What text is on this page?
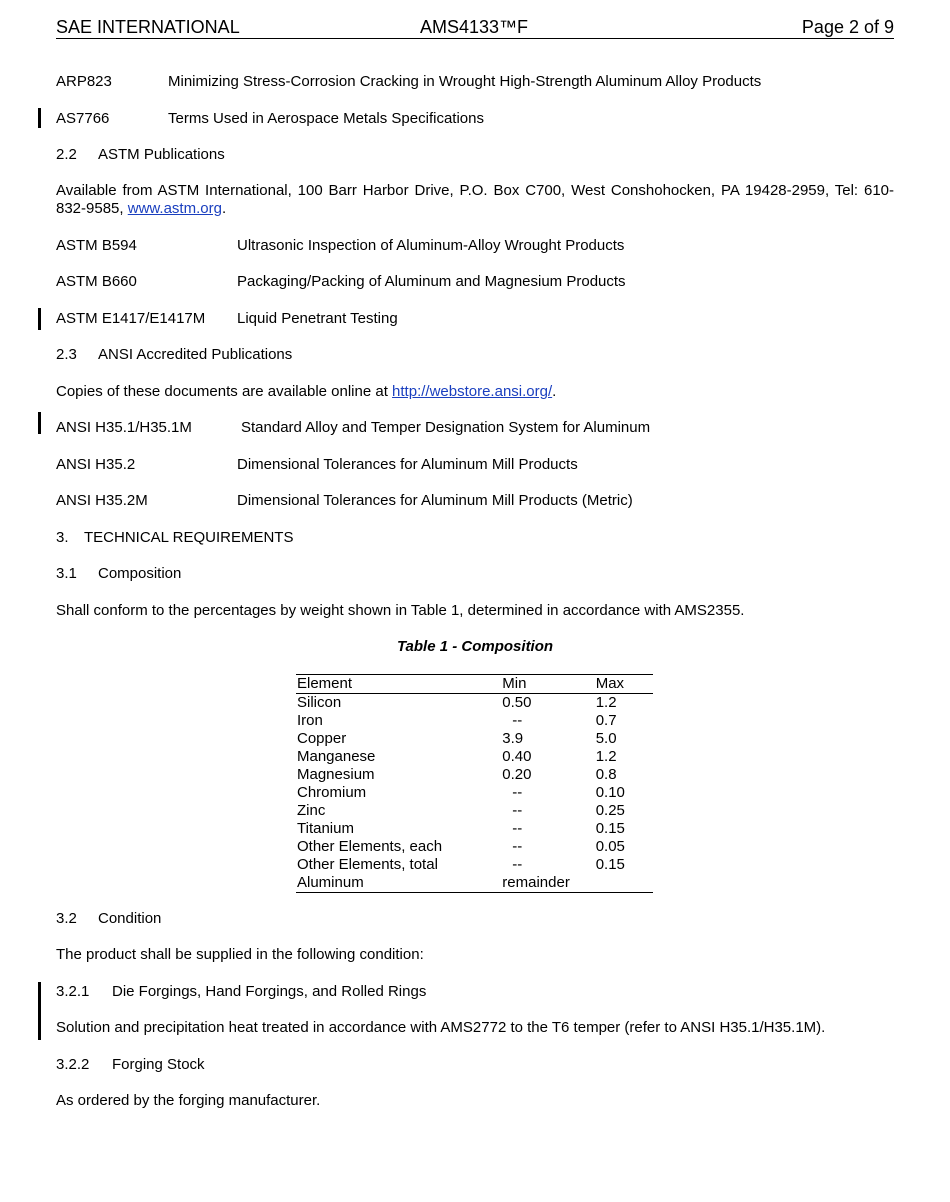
SAE INTERNATIONAL	AMS4133™F	Page 2 of 9
ARP823	Minimizing Stress-Corrosion Cracking in Wrought High-Strength Aluminum Alloy Products
AS7766	Terms Used in Aerospace Metals Specifications
2.2 ASTM Publications
Available from ASTM International, 100 Barr Harbor Drive, P.O. Box C700, West Conshohocken, PA 19428-2959, Tel: 610-832-9585, www.astm.org.
ASTM B594	Ultrasonic Inspection of Aluminum-Alloy Wrought Products
ASTM B660	Packaging/Packing of Aluminum and Magnesium Products
ASTM E1417/E1417M Liquid Penetrant Testing
2.3 ANSI Accredited Publications
Copies of these documents are available online at http://webstore.ansi.org/.
ANSI H35.1/H35.1M	Standard Alloy and Temper Designation System for Aluminum
ANSI H35.2	Dimensional Tolerances for Aluminum Mill Products
ANSI H35.2M	Dimensional Tolerances for Aluminum Mill Products (Metric)
3. TECHNICAL REQUIREMENTS
3.1 Composition
Shall conform to the percentages by weight shown in Table 1, determined in accordance with AMS2355.
Table 1 - Composition
Element	Min	Max
Silicon	0.50	1.2
Iron	--	0.7
Copper	3.9	5.0
Manganese	0.40	1.2
Magnesium	0.20	0.8
Chromium	--	0.10
Zinc	--	0.25
Titanium	--	0.15
Other Elements, each	--	0.05
Other Elements, total	--	0.15
Aluminum	remainder	
3.2 Condition
The product shall be supplied in the following condition:
3.2.1 Die Forgings, Hand Forgings, and Rolled Rings
Solution and precipitation heat treated in accordance with AMS2772 to the T6 temper (refer to ANSI H35.1/H35.1M).
3.2.2 Forging Stock
As ordered by the forging manufacturer.
